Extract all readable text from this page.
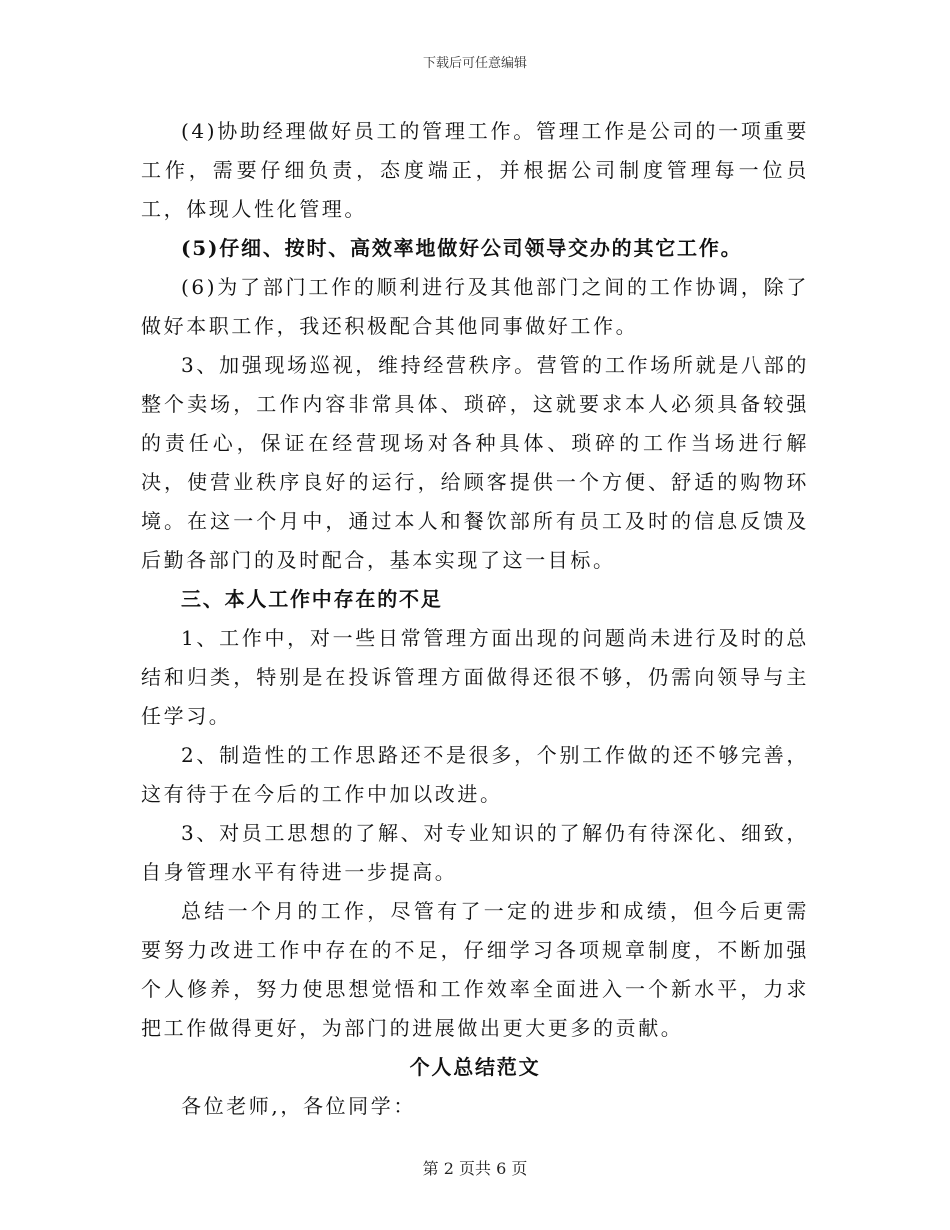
下载后可任意编辑

(4)协助经理做好员工的管理工作。管理工作是公司的一项重要工作，需要仔细负责，态度端正，并根据公司制度管理每一位员工，体现人性化管理。

(5)仔细、按时、高效率地做好公司领导交办的其它工作。

(6)为了部门工作的顺利进行及其他部门之间的工作协调，除了做好本职工作，我还积极配合其他同事做好工作。

3、加强现场巡视，维持经营秩序。营管的工作场所就是八部的整个卖场，工作内容非常具体、琐碎，这就要求本人必须具备较强的责任心，保证在经营现场对各种具体、琐碎的工作当场进行解决，使营业秩序良好的运行，给顾客提供一个方便、舒适的购物环境。在这一个月中，通过本人和餐饮部所有员工及时的信息反馈及后勤各部门的及时配合，基本实现了这一目标。

三、本人工作中存在的不足

1、工作中，对一些日常管理方面出现的问题尚未进行及时的总结和归类，特别是在投诉管理方面做得还很不够，仍需向领导与主任学习。

2、制造性的工作思路还不是很多，个别工作做的还不够完善，这有待于在今后的工作中加以改进。

3、对员工思想的了解、对专业知识的了解仍有待深化、细致，自身管理水平有待进一步提高。

总结一个月的工作，尽管有了一定的进步和成绩，但今后更需要努力改进工作中存在的不足，仔细学习各项规章制度，不断加强个人修养，努力使思想觉悟和工作效率全面进入一个新水平，力求把工作做得更好，为部门的进展做出更大更多的贡献。

个人总结范文

各位老师,，各位同学：

第 2 页共 6 页
